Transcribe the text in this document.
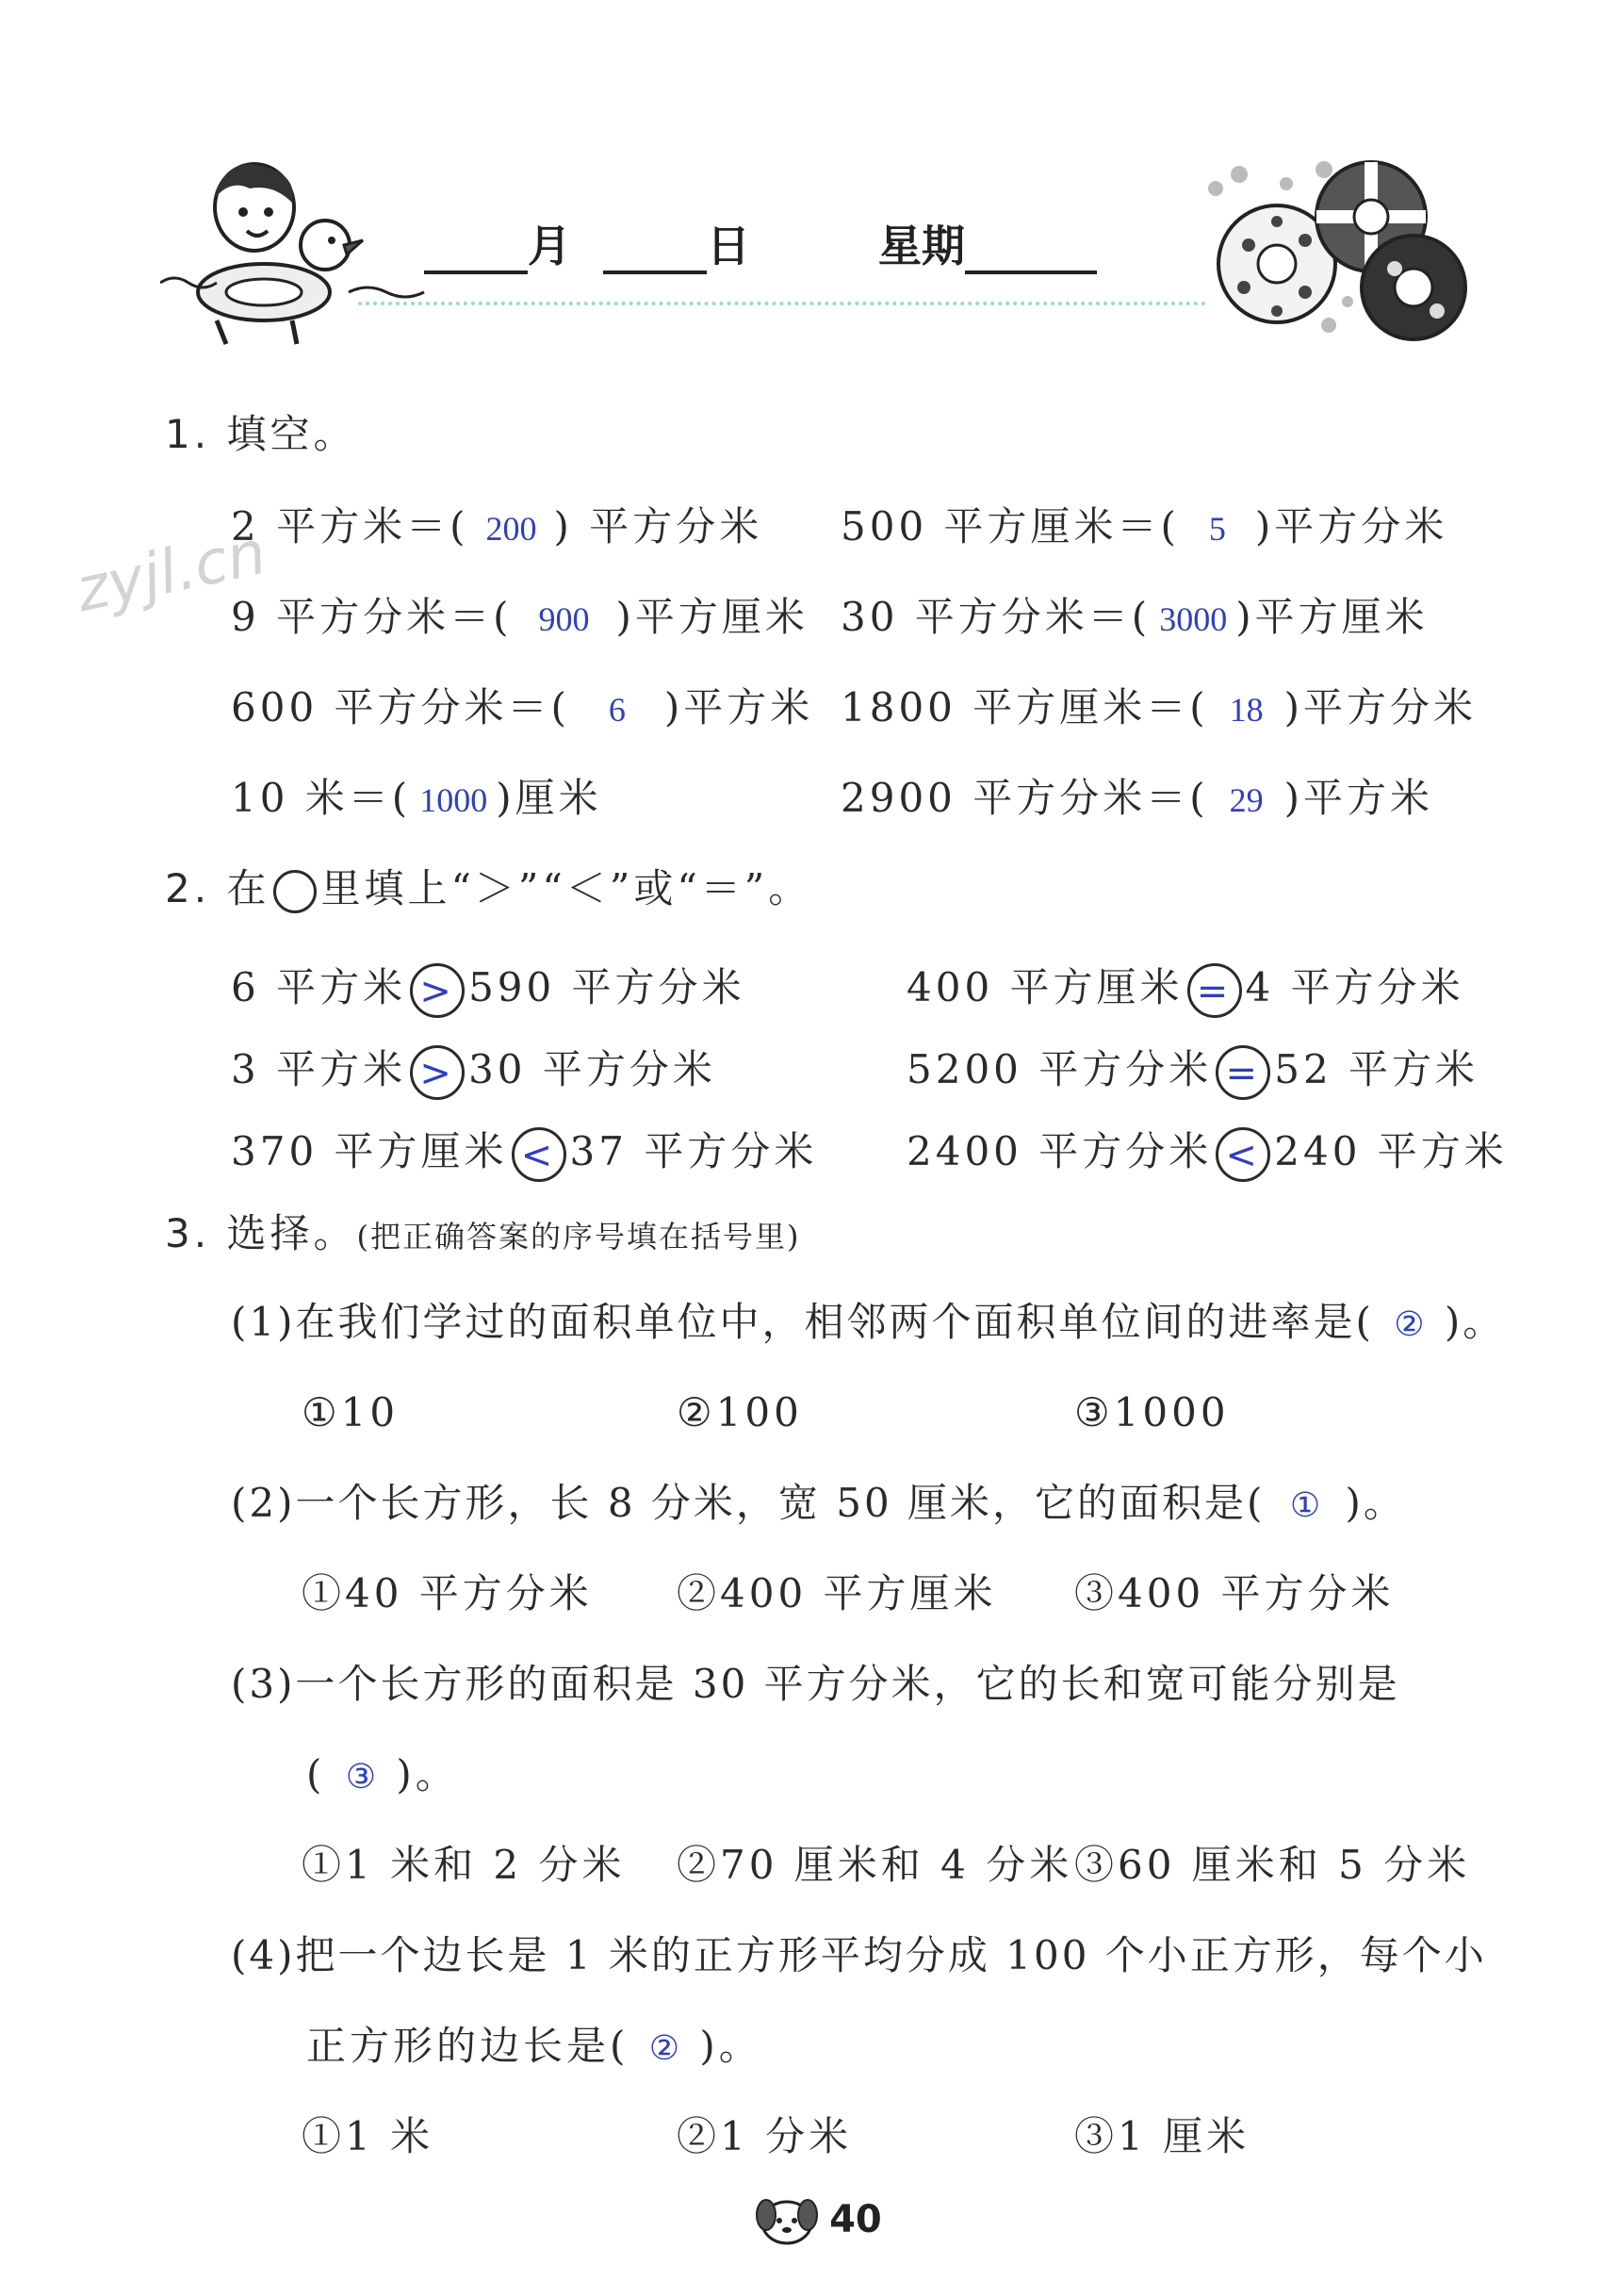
月	日	星期
zyjl.cn
1. 填空。
2 平方米＝( 200 ) 平方分米 500 平方厘米＝( 5 )平方分米
9 平方分米＝( 900 )平方厘米 30 平方分米＝( 3000 )平方厘米
600 平方分米＝( 6 )平方米 1800 平方厘米＝( 18 )平方分米
10 米＝( 1000 )厘米	2900 平方分米＝( 29 )平方米
2. 在 里填上“＞”“＜”或“＝”。
6 平方米 > 590 平方分米	400 平方厘米 = 4 平方分米
3 平方米 > 30 平方分米	5200 平方分米 = 52 平方米
370 平方厘米 < 37 平方分米 2400 平方分米 < 240 平方米
3. 选择。(把正确答案的序号填在括号里)
(1)在我们学过的面积单位中，相邻两个面积单位间的进率是( ② )。
①10	②100	③1000
(2)一个长方形，长 8 分米，宽 50 厘米，它的面积是( ① )。
①40 平方分米 ②400 平方厘米 ③400 平方分米
(3)一个长方形的面积是 30 平方分米，它的长和宽可能分别是
( ③ )。
①1 米和 2 分米 ②70 厘米和 4 分米 ③60 厘米和 5 分米
(4)把一个边长是 1 米的正方形平均分成 100 个小正方形，每个小
正方形的边长是( ② )。
①1 米	②1 分米	③1 厘米
40
